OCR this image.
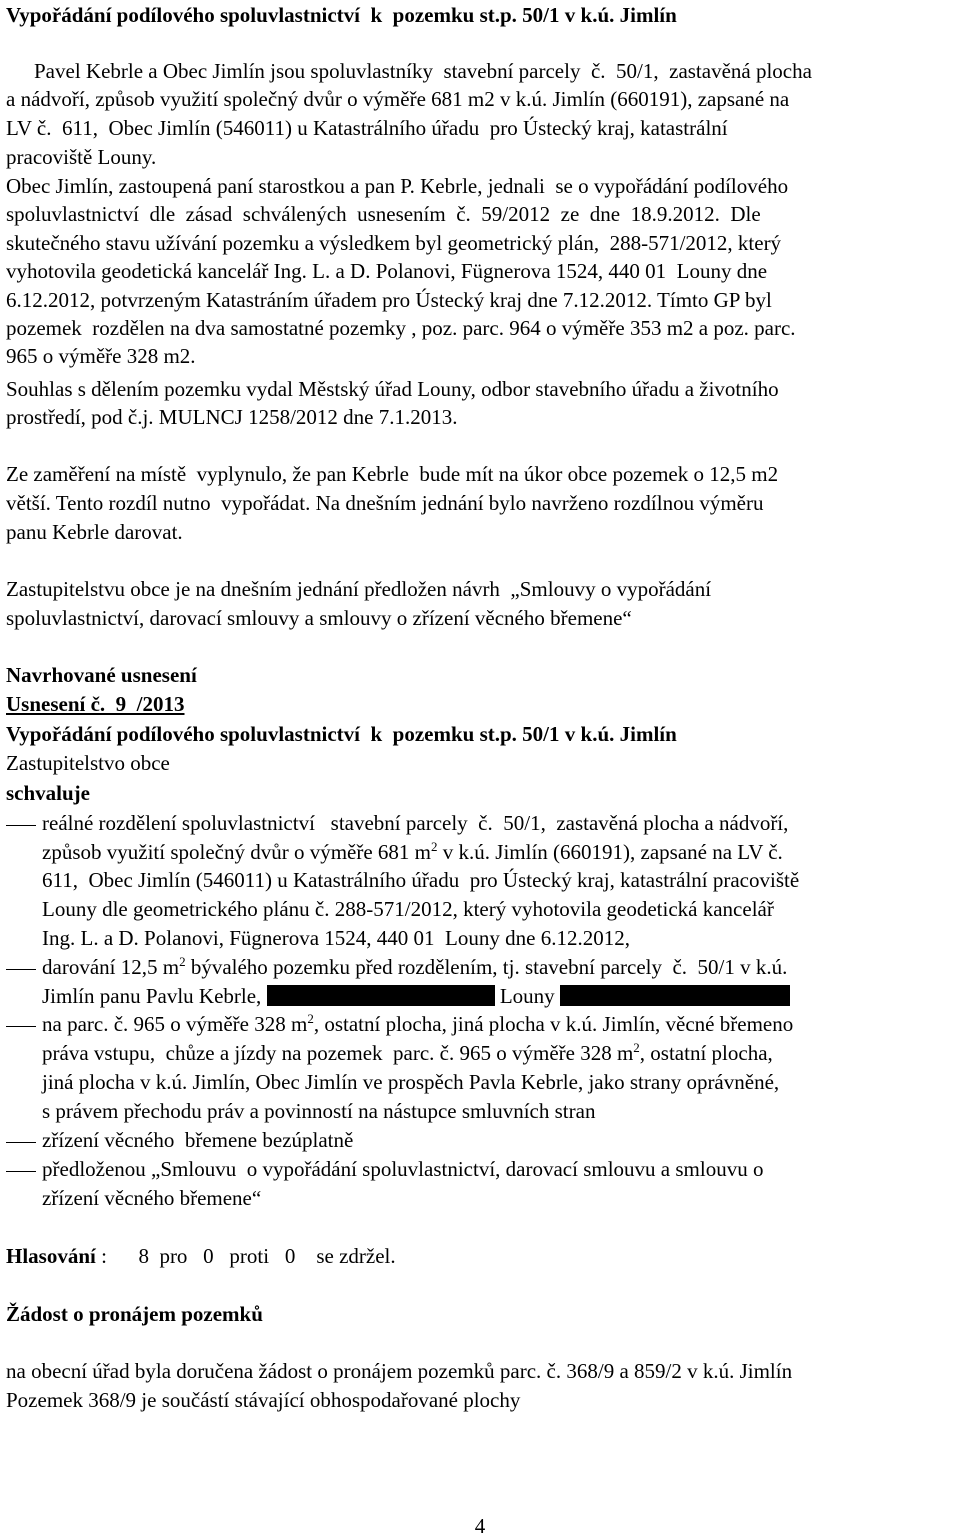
Vypořádání podílového spoluvlastnictví  k  pozemku st.p. 50/1 v k.ú. Jimlín
Pavel Kebrle a Obec Jimlín jsou spoluvlastníky  stavební parcely  č.  50/1,  zastavěná plocha
a nádvoří, způsob využití společný dvůr o výměře 681 m2 v k.ú. Jimlín (660191), zapsané na
LV č.  611,  Obec Jimlín (546011) u Katastrálního úřadu  pro Ústecký kraj, katastrální
pracoviště Louny.
Obec Jimlín, zastoupená paní starostkou a pan P. Kebrle, jednali  se o vypořádání podílového
spoluvlastnictví  dle  zásad  schválených  usnesením  č.  59/2012  ze  dne  18.9.2012.  Dle
skutečného stavu užívání pozemku a výsledkem byl geometrický plán,  288-571/2012, který
vyhotovila geodetická kancelář Ing. L. a D. Polanovi, Fügnerova 1524, 440 01  Louny dne
6.12.2012, potvrzeným Katastráním úřadem pro Ústecký kraj dne 7.12.2012. Tímto GP byl
pozemek  rozdělen na dva samostatné pozemky , poz. parc. 964 o výměře 353 m2 a poz. parc.
965 o výměře 328 m2.
Souhlas s dělením pozemku vydal Městský úřad Louny, odbor stavebního úřadu a životního
prostředí, pod č.j. MULNCJ 1258/2012 dne 7.1.2013.
Ze zaměření na místě  vyplynulo, že pan Kebrle  bude mít na úkor obce pozemek o 12,5 m2
větší. Tento rozdíl nutno  vypořádat. Na dnešním jednání bylo navrženo rozdílnou výměru
panu Kebrle darovat.
Zastupitelstvu obce je na dnešním jednání předložen návrh  „Smlouvy o vypořádání
spoluvlastnictví, darovací smlouvy a smlouvy o zřízení věcného břemene“
Navrhované usnesení
Usnesení č.  9  /2013
Vypořádání podílového spoluvlastnictví  k  pozemku st.p. 50/1 v k.ú. Jimlín
Zastupitelstvo obce
schvaluje
reálné rozdělení spoluvlastnictví   stavební parcely  č.  50/1,  zastavěná plocha a nádvoří,
způsob využití společný dvůr o výměře 681 $m^2$ v k.ú. Jimlín (660191), zapsané na LV č.
611,  Obec Jimlín (546011) u Katastrálního úřadu  pro Ústecký kraj, katastrální pracoviště
Louny dle geometrického plánu č. 288-571/2012, který vyhotovila geodetická kancelář
Ing. L. a D. Polanovi, Fügnerova 1524, 440 01  Louny dne 6.12.2012,
darování 12,5 $m^2$ bývalého pozemku před rozdělením, tj. stavební parcely  č.  50/1 v k.ú.
Jimlín panu Pavlu Kebrle,	Louny
na parc. č. 965 o výměře 328 $m^2$, ostatní plocha, jiná plocha v k.ú. Jimlín, věcné břemeno
práva vstupu,  chůze a jízdy na pozemek  parc. č. 965 o výměře 328 $m^2$, ostatní plocha,
jiná plocha v k.ú. Jimlín, Obec Jimlín ve prospěch Pavla Kebrle, jako strany oprávněné,
s právem přechodu práv a povinností na nástupce smluvních stran
zřízení věcného  břemene bezúplatně
předloženou „Smlouvu  o vypořádání spoluvlastnictví, darovací smlouvu a smlouvu o
zřízení věcného břemene“
Hlasování :      8  pro   0   proti   0    se zdržel.
Žádost o pronájem pozemků
na obecní úřad byla doručena žádost o pronájem pozemků parc. č. 368/9 a 859/2 v k.ú. Jimlín
Pozemek 368/9 je součástí stávající obhospodařované plochy
4
